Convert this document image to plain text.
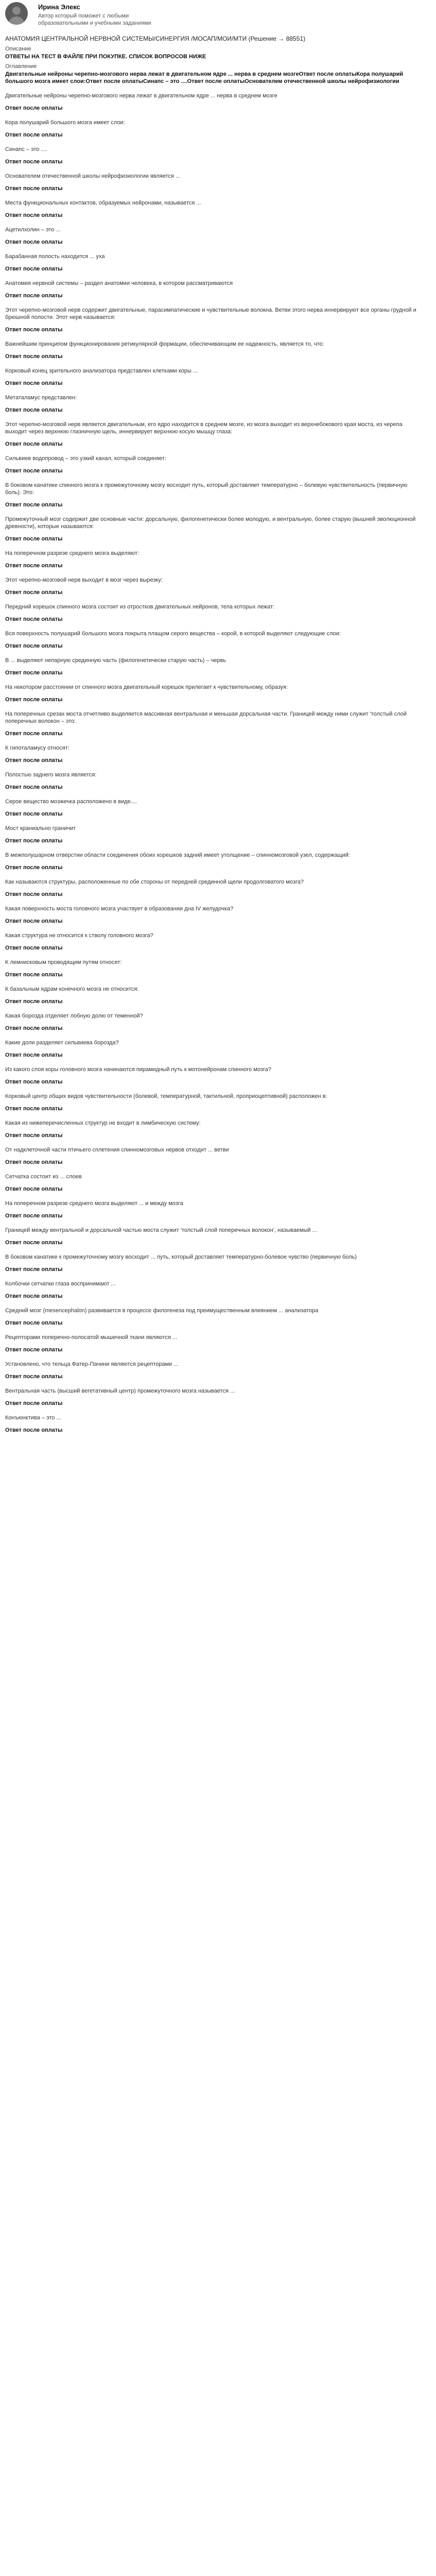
Ирина Элекс
Автор который поможет с любыми образовательными и учебными заданиями
АНАТОМИЯ ЦЕНТРАЛЬНОЙ НЕРВНОЙ СИСТЕМЫ/СИНЕРГИЯ /МОСАП/МОИ/МТИ (Решение → 88551)
Описание
ОТВЕТЫ НА ТЕСТ В ФАЙЛЕ ПРИ ПОКУПКЕ. СПИСОК ВОПРОСОВ НИЖЕ
Оглавление
Двигательные нейроны черепно-мозгового нерва лежат в двигательном ядре ... нерва в среднем мозгеОтвет после оплатыКора полушарий большого мозга имеет слои:Ответ после оплатыСинапс – это ....Ответ после оплатыОснователем отечественной школы нейрофизиологии
Двигательные нейроны черепно-мозгового нерва лежат в двигательном ядре ... нерва в среднем мозге
Ответ после оплаты
Кора полушарий большого мозга имеет слои:
Ответ после оплаты
Синапс – это ....
Ответ после оплаты
Основателем отечественной школы нейрофизиологии является ...
Ответ после оплаты
Места функциональных контактов, образуемых нейронами, называется ...
Ответ после оплаты
Ацетилхолин – это ...
Ответ после оплаты
Барабанная полость находится ... уха
Ответ после оплаты
Анатомия нервной системы – раздел анатомии человека, в котором рассматриваются
Ответ после оплаты
Этот черепно-мозговой нерв содержит двигательные, парасимпатические и чувствительные волокна. Ветви этого нерва иннервируют все органы грудной и брюшной полости. Этот нерв называется:
Ответ после оплаты
Важнейшим принципом функционирования ретикулярной формации, обеспечивающим ее надежность, является то, что:
Ответ после оплаты
Корковый конец зрительного анализатора представлен клетками коры ...
Ответ после оплаты
Метаталамус представлен:
Ответ после оплаты
Этот черепно-мозговой нерв является двигательным, его ядро находится в среднем мозге, из мозга выходит из верхнебокового края моста, из черепа выходит через верхнюю глазничную щель, иннервирует верхнюю косую мышцу глаза:
Ответ после оплаты
Сильвиев водопровод – это узкий канал, который соединяет:
Ответ после оплаты
В боковом канатике спинного мозга к промежуточному мозгу восходит путь, который доставляет температурно – болевую чувствительность (первичную боль). Это:
Ответ после оплаты
Промежуточный мозг содержит две основные части: дорсальную, филогенетически более молодую, и вентральную, более старую (вышней эволюционной древности), которые называются:
Ответ после оплаты
На поперечном разрезе среднего мозга выделяют:
Ответ после оплаты
Этот черепно-мозговой нерв выходит в мозг через вырезку:
Ответ после оплаты
Передний корешок спинного мозга состоит из отростков двигательных нейронов, тела которых лежат:
Ответ после оплаты
Вся поверхность полушарий большого мозга покрыта плащом серого вещества – корой, в которой выделяют следующие слои:
Ответ после оплаты
В ... выделяют непарную срединную часть (филогенетически старую часть) – червь
Ответ после оплаты
На некотором расстоянии от спинного мозга двигательный корешок прилегает к чувствительному, образуя:
Ответ после оплаты
На поперечных срезах моста отчетливо выделяется массивная вентральная и меньшая дорсальная части. Границей между ними служит 'толстый слой поперечных волокон – это:
Ответ после оплаты
К гипоталамусу относят:
Ответ после оплаты
Полостью заднего мозга является:
Ответ после оплаты
Серое вещество мозжечка расположено в виде....
Ответ после оплаты
Мост краниально граничит
Ответ после оплаты
В межполушарном отверстии области соединения обоих корешков задний имеет утолщение – спинномозговой узел, содержащий:
Ответ после оплаты
Как называются структуры, расположенные по обе стороны от передней срединной щели продолговатого мозга?
Ответ после оплаты
Какая поверхность моста головного мозга участвует в образовании дна IV желудочка?
Ответ после оплаты
Какая структура не относится к стволу головного мозга?
Ответ после оплаты
К лемнисковым проводящим путям относят:
Ответ после оплаты
К базальным ядрам конечного мозга не относится:
Ответ после оплаты
Какая борозда отделяет лобную долю от теменной?
Ответ после оплаты
Какие доли разделяет сильвиева борозда?
Ответ после оплаты
Из какого слоя коры головного мозга начинаются пирамидный путь к мотонейронам спинного мозга?
Ответ после оплаты
Корковый центр общих видов чувствительности (болевой, температурной, тактильной, проприоцептивной) расположен в:
Ответ после оплаты
Какая из нижеперечисленных структур не входит в лимбическую систему:
Ответ после оплаты
От надклеточной части птичьего сплетения спинномозговых нервов отходит ... ветви
Ответ после оплаты
Сетчатка состоит из ... слоев
Ответ после оплаты
На поперечном разрезе среднего мозга выделяют ... и между мозга
Ответ после оплаты
Границей между вентральной и дорсальной частью моста служит 'толстый слой поперечных волокон', называемый ...
Ответ после оплаты
В боковом канатике к промежуточному мозгу восходит ... путь, который доставляет температурно-болевое чувство (первичную боль)
Ответ после оплаты
Колбочки сетчатки глаза воспринимают ...
Ответ после оплаты
Средний мозг (mesencephalon) развивается в процессе филогенеза под преимущественным влиянием ... анализатора
Ответ после оплаты
Рецепторами поперечно-полосатой мышечной ткани являются ...
Ответ после оплаты
Установлено, что тельца Фатер-Пачини являются рецепторами ...
Ответ после оплаты
Вентральная часть (высший вегетативный центр) промежуточного мозга называется ...
Ответ после оплаты
Конъюнктива – это ...
Ответ после оплаты
